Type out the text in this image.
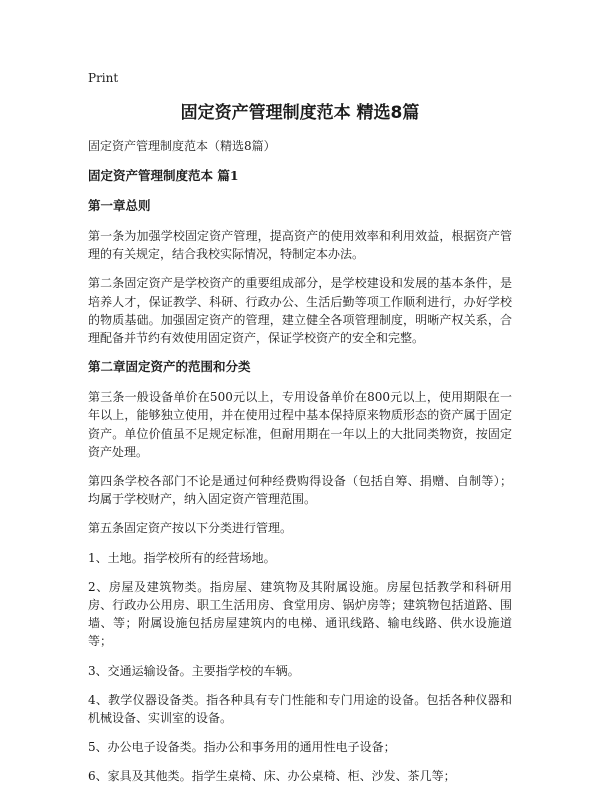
Print
固定资产管理制度范本 精选8篇

固定资产管理制度范本（精选8篇）

固定资产管理制度范本 篇1
第一章总则

第一条为加强学校固定资产管理，提高资产的使用效率和利用效益，根据资产管理的有关规定，结合我校实际情况，特制定本办法。

第二条固定资产是学校资产的重要组成部分，是学校建设和发展的基本条件，是培养人才，保证教学、科研、行政办公、生活后勤等项工作顺利进行，办好学校的物质基础。加强固定资产的管理，建立健全各项管理制度，明晰产权关系，合理配备并节约有效使用固定资产，保证学校资产的安全和完整。

第二章固定资产的范围和分类

第三条一般设备单价在500元以上，专用设备单价在800元以上，使用期限在一年以上，能够独立使用，并在使用过程中基本保持原来物质形态的资产属于固定资产。单位价值虽不足规定标准，但耐用期在一年以上的大批同类物资，按固定资产处理。

第四条学校各部门不论是通过何种经费购得设备（包括自筹、捐赠、自制等）；均属于学校财产，纳入固定资产管理范围。

第五条固定资产按以下分类进行管理。

1、土地。指学校所有的经营场地。

2、房屋及建筑物类。指房屋、建筑物及其附属设施。房屋包括教学和科研用房、行政办公用房、职工生活用房、食堂用房、锅炉房等；建筑物包括道路、围墙、等；附属设施包括房屋建筑内的电梯、通讯线路、输电线路、供水设施道等；

3、交通运输设备。主要指学校的车辆。

4、教学仪器设备类。指各种具有专门性能和专门用途的设备。包括各种仪器和机械设备、实训室的设备。

5、办公电子设备类。指办公和事务用的通用性电子设备；

6、家具及其他类。指学生桌椅、床、办公桌椅、柜、沙发、茶几等；
